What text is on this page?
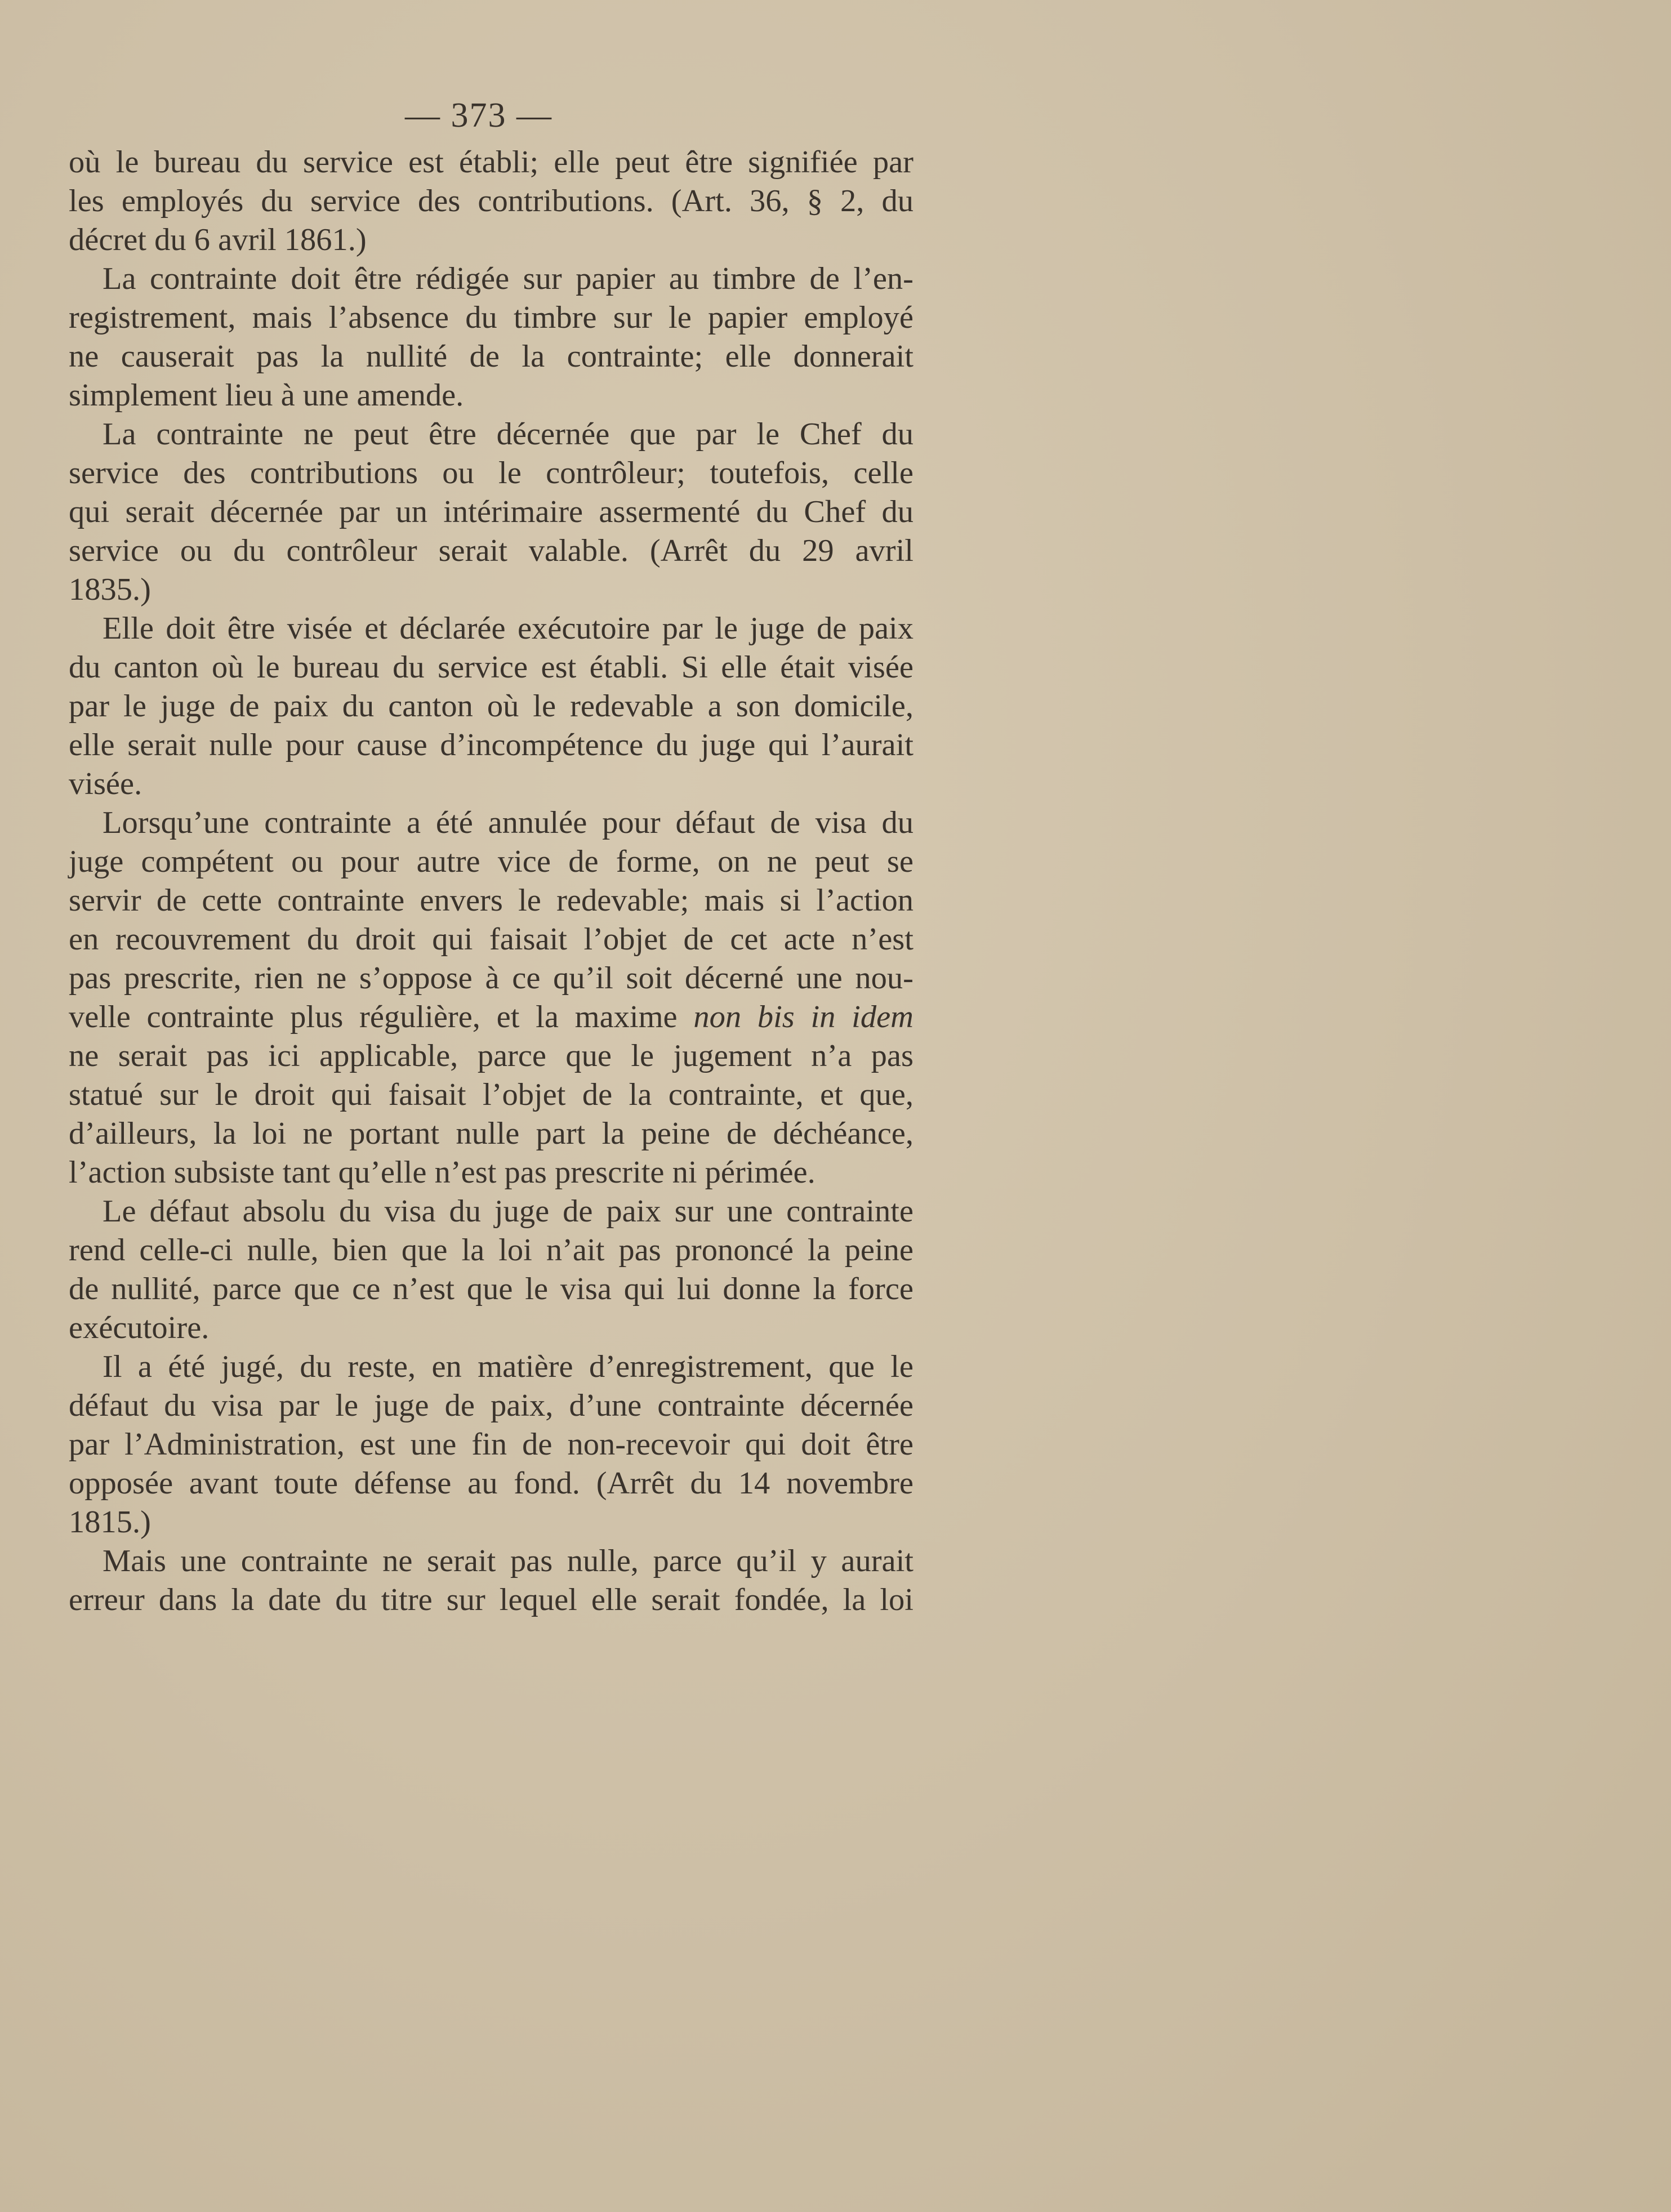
— 373 —
où le bureau du service est établi; elle peut être signifiée par
les employés du service des contributions. (Art. 36, § 2, du
décret du 6 avril 1861.)
La contrainte doit être rédigée sur papier au timbre de l’en-
registrement, mais l’absence du timbre sur le papier employé
ne causerait pas la nullité de la contrainte; elle donnerait
simplement lieu à une amende.
La contrainte ne peut être décernée que par le Chef du
service des contributions ou le contrôleur; toutefois, celle
qui serait décernée par un intérimaire assermenté du Chef du
service ou du contrôleur serait valable. (Arrêt du 29 avril
1835.)
Elle doit être visée et déclarée exécutoire par le juge de paix
du canton où le bureau du service est établi. Si elle était visée
par le juge de paix du canton où le redevable a son domicile,
elle serait nulle pour cause d’incompétence du juge qui l’aurait
visée.
Lorsqu’une contrainte a été annulée pour défaut de visa du
juge compétent ou pour autre vice de forme, on ne peut se
servir de cette contrainte envers le redevable; mais si l’action
en recouvrement du droit qui faisait l’objet de cet acte n’est
pas prescrite, rien ne s’oppose à ce qu’il soit décerné une nou-
velle contrainte plus régulière, et la maxime non bis in idem
ne serait pas ici applicable, parce que le jugement n’a pas
statué sur le droit qui faisait l’objet de la contrainte, et que,
d’ailleurs, la loi ne portant nulle part la peine de déchéance,
l’action subsiste tant qu’elle n’est pas prescrite ni périmée.
Le défaut absolu du visa du juge de paix sur une contrainte
rend celle-ci nulle, bien que la loi n’ait pas prononcé la peine
de nullité, parce que ce n’est que le visa qui lui donne la force
exécutoire.
Il a été jugé, du reste, en matière d’enregistrement, que le
défaut du visa par le juge de paix, d’une contrainte décernée
par l’Administration, est une fin de non-recevoir qui doit être
opposée avant toute défense au fond. (Arrêt du 14 novembre
1815.)
Mais une contrainte ne serait pas nulle, parce qu’il y aurait
erreur dans la date du titre sur lequel elle serait fondée, la loi
